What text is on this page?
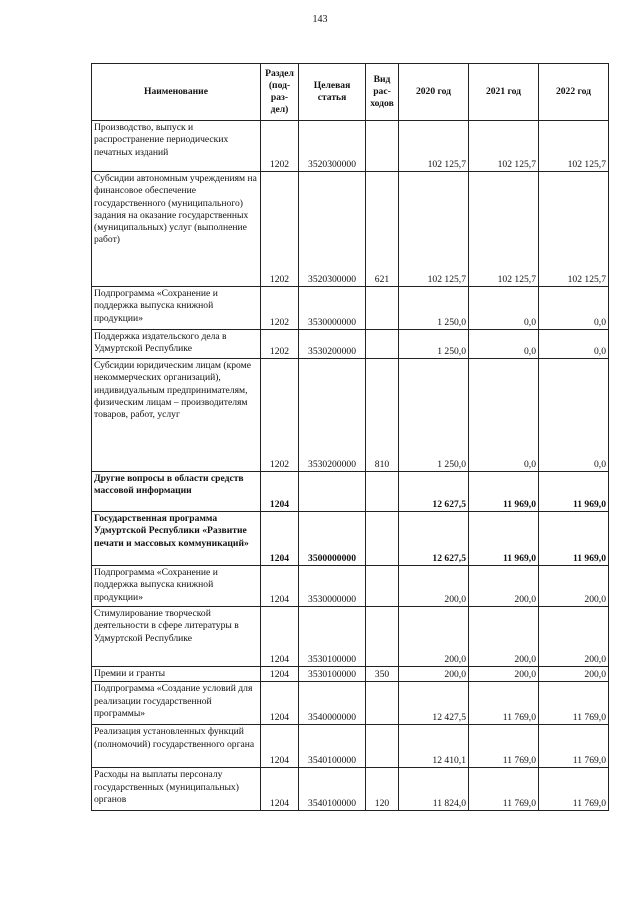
143
Наименование	Раздел (под- раз- дел)	Целевая статья	Вид рас- ходов	2020 год	2021 год	2022 год
Производство, выпуск и распространение периодических печатных изданий	1202	3520300000		102 125,7	102 125,7	102 125,7
Субсидии автономным учреждениям на финансовое обеспечение государственного (муниципального) задания на оказание государственных (муниципальных) услуг (выполнение работ)	1202	3520300000	621	102 125,7	102 125,7	102 125,7
Подпрограмма «Сохранение и поддержка выпуска книжной продукции»	1202	3530000000		1 250,0	0,0	0,0
Поддержка издательского дела в Удмуртской Республике	1202	3530200000		1 250,0	0,0	0,0
Субсидии юридическим лицам (кроме некоммерческих организаций), индивидуальным предпринимателям, физическим лицам – производителям товаров, работ, услуг	1202	3530200000	810	1 250,0	0,0	0,0
Другие вопросы в области средств массовой информации	1204			12 627,5	11 969,0	11 969,0
Государственная программа Удмуртской Республики «Развитие печати и массовых коммуникаций»	1204	3500000000		12 627,5	11 969,0	11 969,0
Подпрограмма «Сохранение и поддержка выпуска книжной продукции»	1204	3530000000		200,0	200,0	200,0
Стимулирование творческой деятельности в сфере литературы в Удмуртской Республике	1204	3530100000		200,0	200,0	200,0
Премии и гранты	1204	3530100000	350	200,0	200,0	200,0
Подпрограмма «Создание условий для реализации государственной программы»	1204	3540000000		12 427,5	11 769,0	11 769,0
Реализация установленных функций (полномочий) государственного органа	1204	3540100000		12 410,1	11 769,0	11 769,0
Расходы на выплаты персоналу государственных (муниципальных) органов	1204	3540100000	120	11 824,0	11 769,0	11 769,0
